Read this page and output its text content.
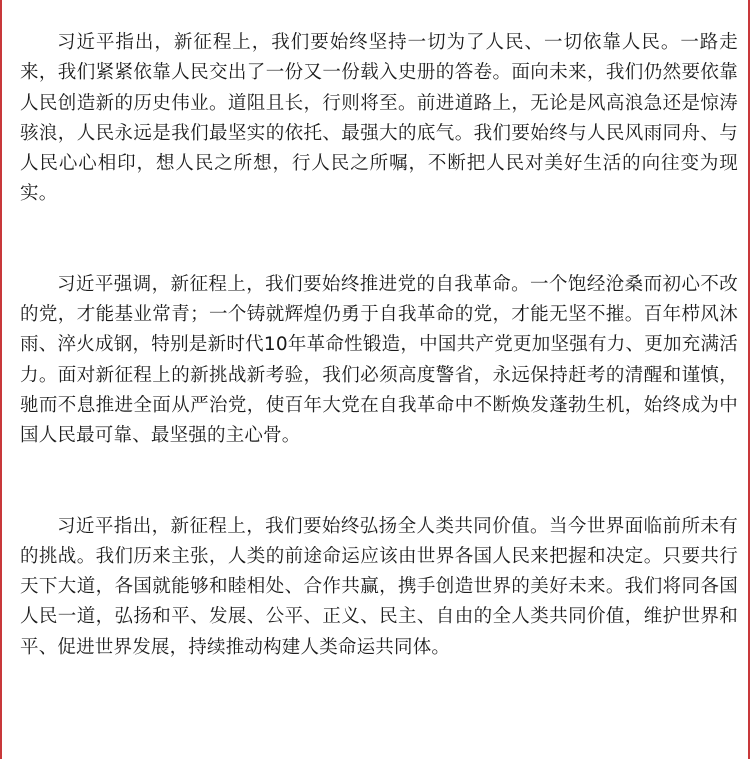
习近平指出，新征程上，我们要始终坚持一切为了人民、一切依靠人民。一路走来，我们紧紧依靠人民交出了一份又一份载入史册的答卷。面向未来，我们仍然要依靠人民创造新的历史伟业。道阻且长，行则将至。前进道路上，无论是风高浪急还是惊涛骇浪，人民永远是我们最坚实的依托、最强大的底气。我们要始终与人民风雨同舟、与人民心心相印，想人民之所想，行人民之所嘱，不断把人民对美好生活的向往变为现实。

习近平强调，新征程上，我们要始终推进党的自我革命。一个饱经沧桑而初心不改的党，才能基业常青；一个铸就辉煌仍勇于自我革命的党，才能无坚不摧。百年栉风沐雨、淬火成钢，特别是新时代10年革命性锻造，中国共产党更加坚强有力、更加充满活力。面对新征程上的新挑战新考验，我们必须高度警省，永远保持赶考的清醒和谨慎，驰而不息推进全面从严治党，使百年大党在自我革命中不断焕发蓬勃生机，始终成为中国人民最可靠、最坚强的主心骨。

习近平指出，新征程上，我们要始终弘扬全人类共同价值。当今世界面临前所未有的挑战。我们历来主张，人类的前途命运应该由世界各国人民来把握和决定。只要共行天下大道，各国就能够和睦相处、合作共赢，携手创造世界的美好未来。我们将同各国人民一道，弘扬和平、发展、公平、正义、民主、自由的全人类共同价值，维护世界和平、促进世界发展，持续推动构建人类命运共同体。
